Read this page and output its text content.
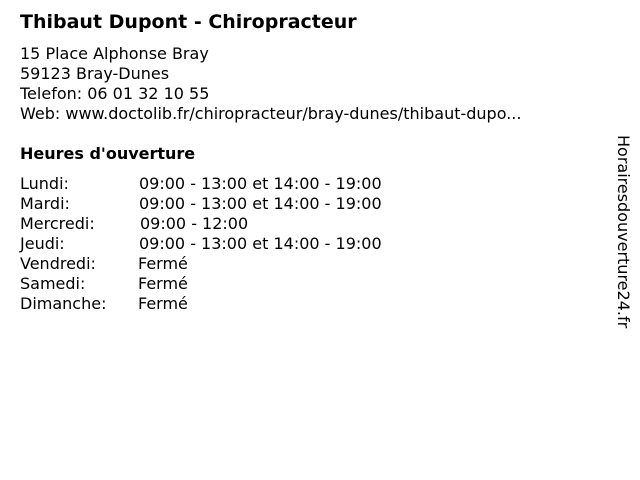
Thibaut Dupont - Chiropracteur
15 Place Alphonse Bray
59123 Bray-Dunes
Telefon: 06 01 32 10 55
Web: www.doctolib.fr/chiropracteur/bray-dunes/thibaut-dupo...
Heures d'ouverture
Lundi:	09:00 - 13:00 et 14:00 - 19:00
Mardi:	09:00 - 13:00 et 14:00 - 19:00
Mercredi:	09:00 - 12:00
Jeudi:	09:00 - 13:00 et 14:00 - 19:00
Vendredi:	Fermé
Samedi:	Fermé
Dimanche: Fermé	Horairesdouverture24.fr
